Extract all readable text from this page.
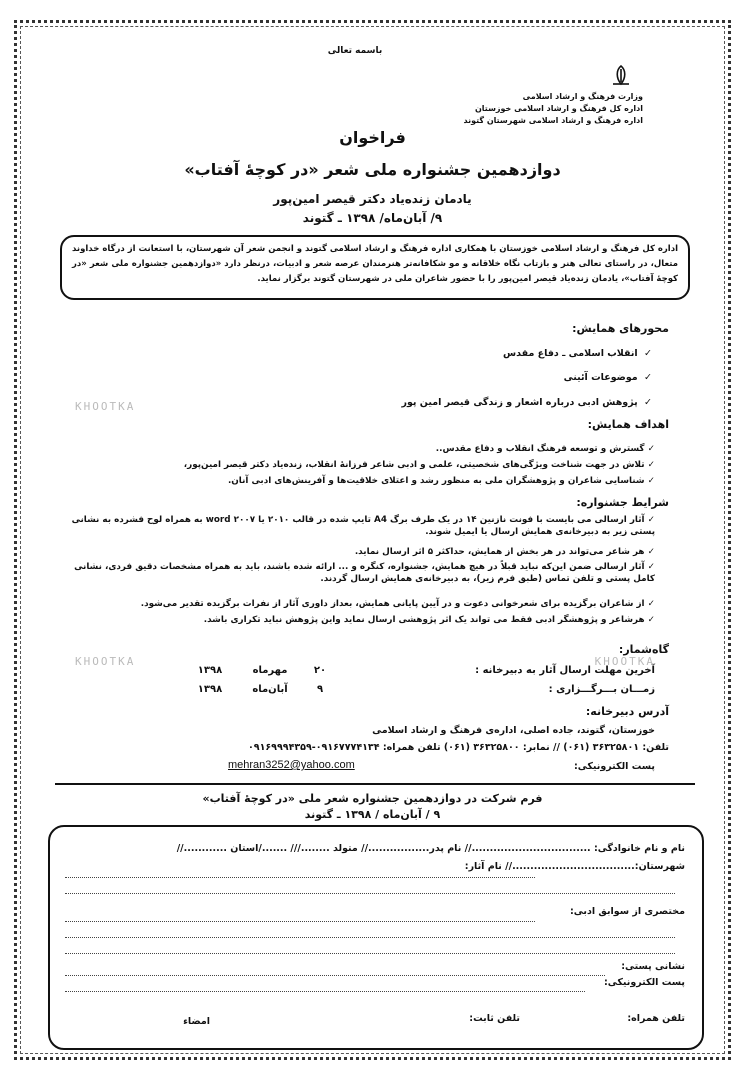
باسمه تعالی
وزارت فرهنگ و ارشاد اسلامی
اداره کل فرهنگ و ارشاد اسلامی خوزستان
اداره فرهنگ و ارشاد اسلامی شهرستان گتوند
فراخوان
دوازدهمین جشنواره ملی شعر «در کوچهٔ آفتاب»
یادمان زنده‌یاد دکتر قیصر امین‌پور
۹/ آبان‌ماه/ ۱۳۹۸ ـ گتوند
اداره کل فرهنگ و ارشاد اسلامی خوزستان با همکاری اداره فرهنگ و ارشاد اسلامی گتوند و انجمن شعر آن شهرستان، با استعانت از درگاه خداوند متعال، در راستای تعالی هنر و بازتاب نگاه خلاقانه و مو شکافانه‌تر هنرمندان عرصه شعر و ادبیات، درنظر دارد «دوازدهمین جشنواره ملی شعر «در کوچهٔ آفتاب»، یادمان زنده‌یاد قیصر امین‌پور را با حضور شاعران ملی در شهرستان گتوند برگزار نماید.
محورهای همایش:
✓ انقلاب اسلامی ـ دفاع مقدس
✓ موضوعات آئینی
✓ پژوهش ادبی درباره اشعار و زندگی قیصر امین پور
اهداف همایش:
✓ گسترش و توسعه فرهنگ انقلاب و دفاع مقدس..
✓ تلاش در جهت شناخت ویژگی‌های شخصیتی، علمی و ادبی شاعر فرزانهٔ انقلاب، زنده‌یاد دکتر قیصر امین‌پور،
✓ شناسایی شاعران و پژوهشگران ملی به منظور رشد و اعتلای خلاقیت‌ها و آفرینش‌های ادبی آنان.
شرایط جشنواره:
✓ آثار ارسالی می بایست با فونت نازنین ۱۴ در یک طرف برگ A4 تایپ شده در قالب ۲۰۱۰ یا ۲۰۰۷ word به همراه لوح فشرده به نشانی پستی زیر به دبیرخانه‌ی همایش ارسال یا ایمیل شوند.
✓ هر شاعر می‌تواند در هر بخش از همایش، حداکثر ۵ اثر ارسال نماید.
✓ آثار ارسالی ضمن این‌که نباید قبلاً در هیچ همایش، جشنواره، کنگره و ... ارائه شده باشند، باید به همراه مشخصات دقیق فردی، نشانی کامل پستی و تلفن تماس (طبق فرم زیر)، به دبیرخانه‌ی همایش ارسال گردند.
✓ از شاعران برگزیده برای شعرخوانی دعوت و در آیین پایانی همایش، بعداز داوری آثار از نفرات برگزیده تقدیر می‌شود.
✓ هرشاعر و پژوهشگر ادبی فقط می تواند یک اثر پژوهشی ارسال نماید واین پژوهش نباید تکراری باشد.
گاه‌شمار:
آخرین مهلت ارسال آثار به دبیرخانه :
۲۰
مهرماه
۱۳۹۸
زمـــان بـــرگـــزاری :
۹
آبان‌ماه
۱۳۹۸
آدرس دبیرخانه:
خوزستان، گتوند، جاده اصلی، اداره‌ی فرهنگ و ارشاد اسلامی
تلفن: ۳۶۳۲۵۸۰۱ (۰۶۱) // نمابر: ۳۶۳۲۵۸۰۰ (۰۶۱) تلفن همراه: ۰۹۱۶۷۷۷۴۱۳۴-۰۹۱۶۹۹۹۴۳۵۹
پست الکترونیکی:
mehran3252@yahoo.com
فرم شرکت در دوازدهمین جشنواره شعر ملی «در کوچهٔ آفتاب»
۹ / آبان‌ماه / ۱۳۹۸ ـ گتوند
نام و نام خانوادگی: .................................// نام پدر.................// متولد ......../// ......./استان ............//
شهرستان:..................................// نام آثار:
مختصری از سوابق ادبی:
نشانی پستی:
پست الکترونیکی:
تلفن همراه:
تلفن ثابت:
امضاء
KHOOTKA
KHOOTKA	KHOOTKA
